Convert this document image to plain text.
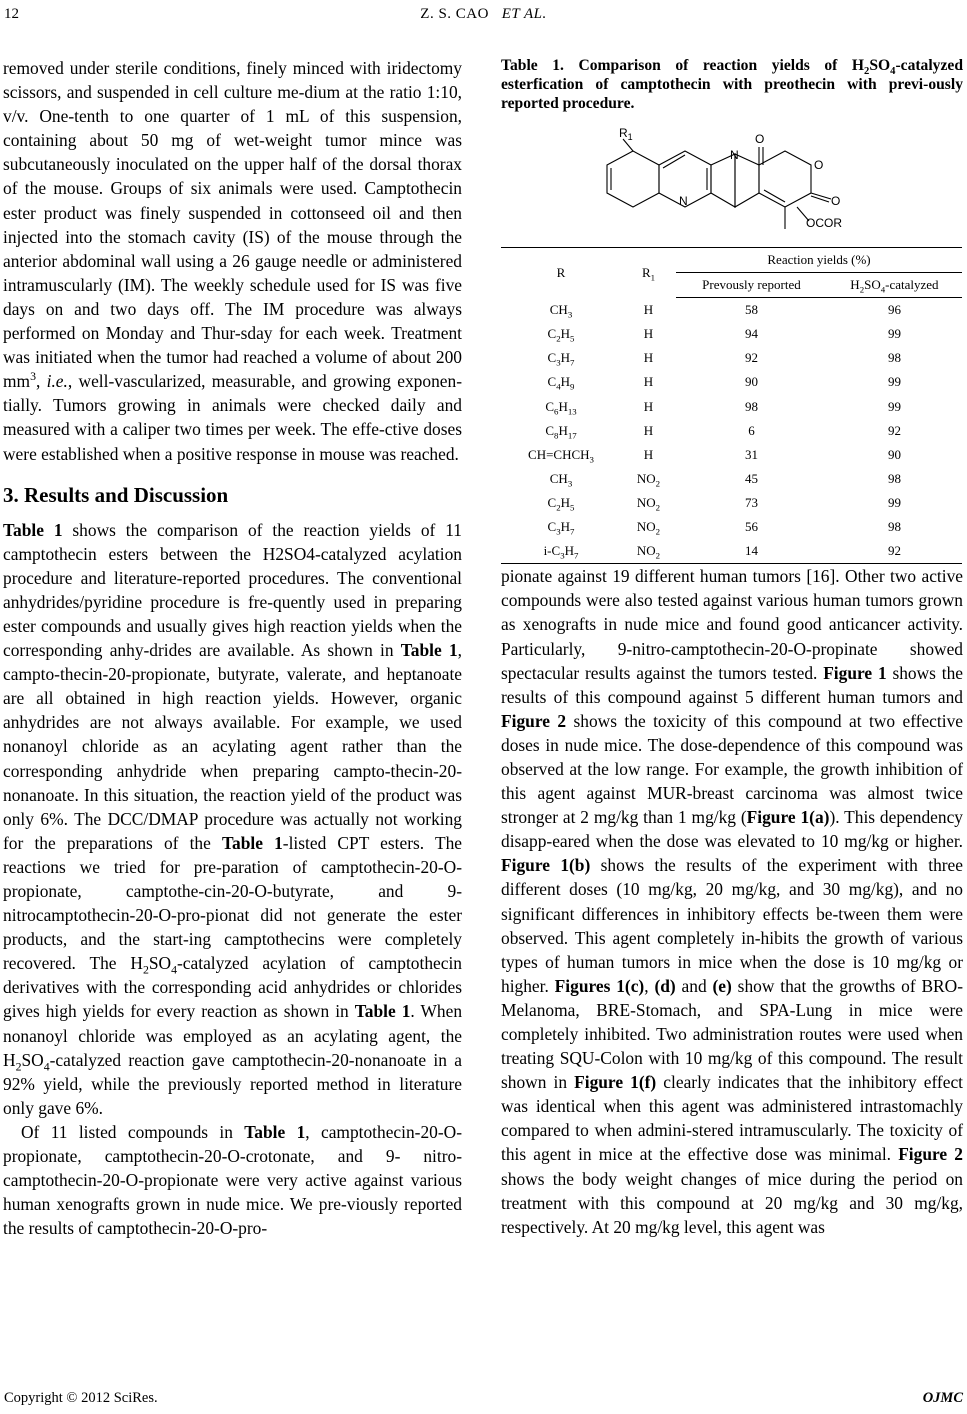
12	Z. S. CAO ET AL.

removed under sterile conditions, finely minced with iridectomy scissors, and suspended in cell culture me-dium at the ratio 1:10, v/v. One-tenth to one quarter of 1 mL of this suspension, containing about 50 mg of wet-weight tumor mince was subcutaneously inoculated on the upper half of the dorsal thorax of the mouse. Groups of six animals were used. Camptothecin ester product was finely suspended in cottonseed oil and then injected into the stomach cavity (IS) of the mouse through the anterior abdominal wall using a 26 gauge needle or administered intramuscularly (IM). The weekly schedule used for IS was five days on and two days off. The IM procedure was always performed on Monday and Thur-sday for each week. Treatment was initiated when the tumor had reached a volume of about 200 $mm^3$, i.e., well-vascularized, measurable, and growing exponen-tially. Tumors growing in animals were checked daily and measured with a caliper two times per week. The effe-ctive doses were established when a positive response in mouse was reached.

3. Results and Discussion

Table 1 shows the comparison of the reaction yields of 11 camptothecin esters between the H2SO4-catalyzed acylation procedure and literature-reported procedures. The conventional anhydrides/pyridine procedure is fre-quently used in preparing ester compounds and usually gives high reaction yields when the corresponding anhy-drides are available. As shown in Table 1, campto-thecin-20-propionate, butyrate, valerate, and heptanoate are all obtained in high reaction yields. However, organic anhydrides are not always available. For example, we used nonanoyl chloride as an acylating agent rather than the corresponding anhydride when preparing campto-thecin-20-nonanoate. In this situation, the reaction yield of the product was only 6%. The DCC/DMAP procedure was actually not working for the preparations of the Table 1-listed CPT esters. The reactions we tried for pre-paration of camptothecin-20-O-propionate, camptothe-cin-20-O-butyrate, and 9-nitrocamptothecin-20-O-pro-pionat did not generate the ester products, and the start-ing camptothecins were completely recovered. The $H_2SO_4$-catalyzed acylation of camptothecin derivatives with the corresponding acid anhydrides or chlorides gives high yields for every reaction as shown in Table 1. When nonanoyl chloride was employed as an acylating agent, the $H_2SO_4$-catalyzed reaction gave camptothecin-20-nonanoate in a 92% yield, while the previously reported method in literature only gave 6%.

Of 11 listed compounds in Table 1, camptothecin-20-O-propionate, camptothecin-20-O-crotonate, and 9- nitro-camptothecin-20-O-propionate were very active against various human xenografts grown in nude mice. We pre-viously reported the results of camptothecin-20-O-pro-

Table 1. Comparison of reaction yields of $H_2SO_4$-catalyzed esterfication of camptothecin with preothecin with previ-ously reported procedure.
$R_1$	O
N
O
O
N
OCOR
R	$R_1$	Reaction yields (%)	
		Prevously reported	$H_2SO_4$-catalyzed
$CH_3$	H	58	96
$C_2H_5$	H	94	99
$C_3H_7$	H	92	98
$C_4H_9$	H	90	99
$C_6H_{13}$	H	98	99
$C_8H_{17}$	H	6	92
$CH=CHCH_3$	H	31	90
$CH_3$	$NO_2$	45	98
$C_2H_5$	$NO_2$	73	99
$C_3H_7$	$NO_2$	56	98
$i-C_3H_7$	$NO_2$	14	92

pionate against 19 different human tumors [16]. Other two active compounds were also tested against various human tumors grown as xenografts in nude mice and found good anticancer activity. Particularly, 9-nitro-camptothecin-20-O-propinate showed spectacular results against the tumors tested. Figure 1 shows the results of this compound against 5 different human tumors and Figure 2 shows the toxicity of this compound at two effective doses in nude mice. The dose-dependence of this compound was observed at the low range. For example, the growth inhibition of this agent against MUR-breast carcinoma was almost twice stronger at 2 mg/kg than 1 mg/kg (Figure 1(a)). This dependency disapp-eared when the dose was elevated to 10 mg/kg or higher. Figure 1(b) shows the results of the experiment with three different doses (10 mg/kg, 20 mg/kg, and 30 mg/kg), and no significant differences in inhibitory effects be-tween them were observed. This agent completely in-hibits the growth of various types of human tumors in mice when the dose is 10 mg/kg or higher. Figures 1(c), (d) and (e) show that the growths of BRO-Melanoma, BRE-Stomach, and SPA-Lung in mice were completely inhibited. Two administration routes were used when treating SQU-Colon with 10 mg/kg of this compound. The result shown in Figure 1(f) clearly indicates that the inhibitory effect was identical when this agent was administered intrastomachly compared to when admini-stered intramuscularly. The toxicity of this agent in mice at the effective dose was minimal. Figure 2 shows the body weight changes of mice during the period on treatment with this compound at 20 mg/kg and 30 mg/kg, respectively. At 20 mg/kg level, this agent was

Copyright © 2012 SciRes.	OJMC
